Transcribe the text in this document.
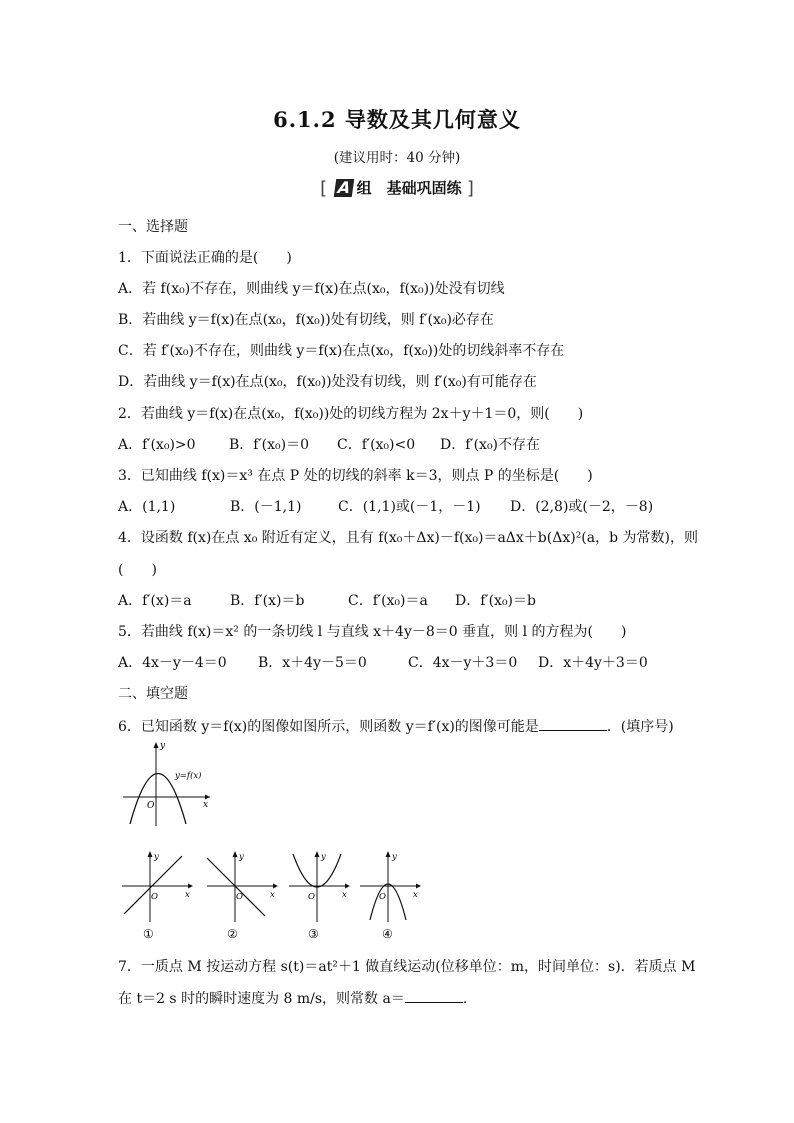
6.1.2 导数及其几何意义
(建议用时：40 分钟)
[ A 组　基础巩固练 ]
一、选择题
1．下面说法正确的是(　　)
A．若 f(x₀)不存在，则曲线 y＝f(x)在点(x₀，f(x₀))处没有切线
B．若曲线 y＝f(x)在点(x₀，f(x₀))处有切线，则 f′(x₀)必存在
C．若 f′(x₀)不存在，则曲线 y＝f(x)在点(x₀，f(x₀))处的切线斜率不存在
D．若曲线 y＝f(x)在点(x₀，f(x₀))处没有切线，则 f′(x₀)有可能存在
2．若曲线 y＝f(x)在点(x₀，f(x₀))处的切线方程为 2x＋y＋1＝0，则(　　)
A．f′(x₀)>0 B．f′(x₀)＝0 C．f′(x₀)<0 D．f′(x₀)不存在
3．已知曲线 f(x)＝x³ 在点 P 处的切线的斜率 k＝3，则点 P 的坐标是(　　)
A．(1,1)	B．(－1,1)	C．(1,1)或(－1，－1) D．(2,8)或(－2，－8)
4．设函数 f(x)在点 x₀ 附近有定义，且有 f(x₀＋Δx)－f(x₀)＝aΔx＋b(Δx)²(a，b 为常数)，则
(　　)
A．f′(x)＝a	B．f′(x)＝b	C．f′(x₀)＝a D．f′(x₀)＝b
5．若曲线 f(x)＝x² 的一条切线 l 与直线 x＋4y－8＝0 垂直，则 l 的方程为(　　)
A．4x－y－4＝0 B．x＋4y－5＝0	C．4x－y＋3＝0 D．x＋4y＋3＝0
二、填空题
6．已知函数 y＝f(x)的图像如图所示，则函数 y＝f′(x)的图像可能是	．(填序号)
y
x
O
y=f(x)
y
x
O
①
y
x
O
②
y
x
O
③
y
x
O
④
7．一质点 M 按运动方程 s(t)＝at²＋1 做直线运动(位移单位：m，时间单位：s)．若质点 M
在 t＝2 s 时的瞬时速度为 8 m/s，则常数 a＝	.
